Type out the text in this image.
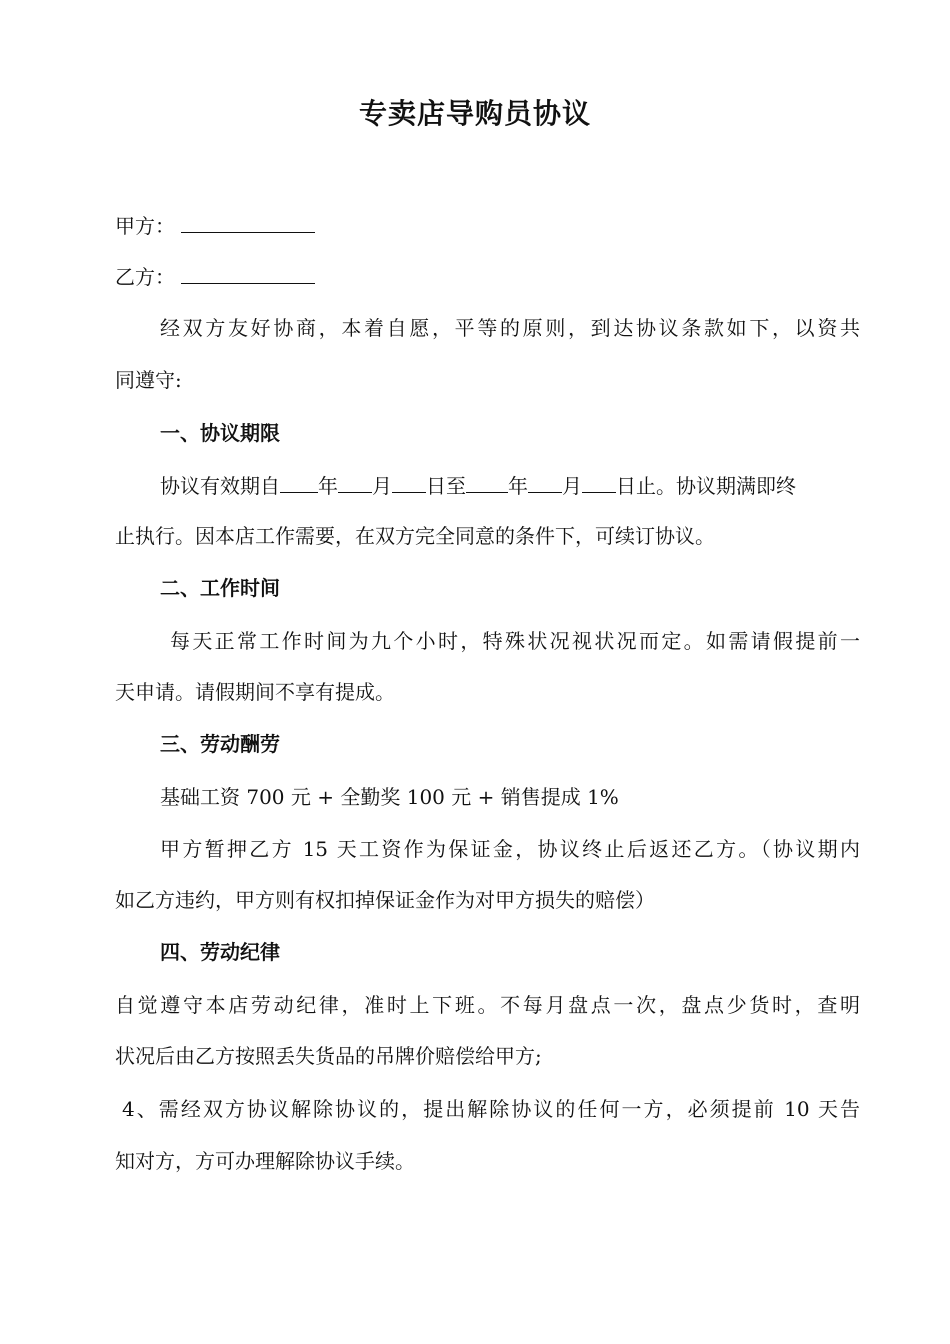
专卖店导购员协议
甲方：
乙方：
经双方友好协商，本着自愿，平等的原则，到达协议条款如下，以资共
同遵守:
一、协议期限
协议有效期自 年 月 日至 年 月 日止。协议期满即终
止执行。因本店工作需要，在双方完全同意的条件下，可续订协议。
二、工作时间
每天正常工作时间为九个小时，特殊状况视状况而定。如需请假提前一
天申请。请假期间不享有提成。
三、劳动酬劳
基础工资 700 元 + 全勤奖 100 元 + 销售提成 1%
甲方暂押乙方 15 天工资作为保证金，协议终止后返还乙方。（协议期内
如乙方违约，甲方则有权扣掉保证金作为对甲方损失的赔偿）
四、劳动纪律
自觉遵守本店劳动纪律，准时上下班。不每月盘点一次，盘点少货时，查明
状况后由乙方按照丢失货品的吊牌价赔偿给甲方;
4、需经双方协议解除协议的，提出解除协议的任何一方，必须提前 10 天告
知对方，方可办理解除协议手续。
